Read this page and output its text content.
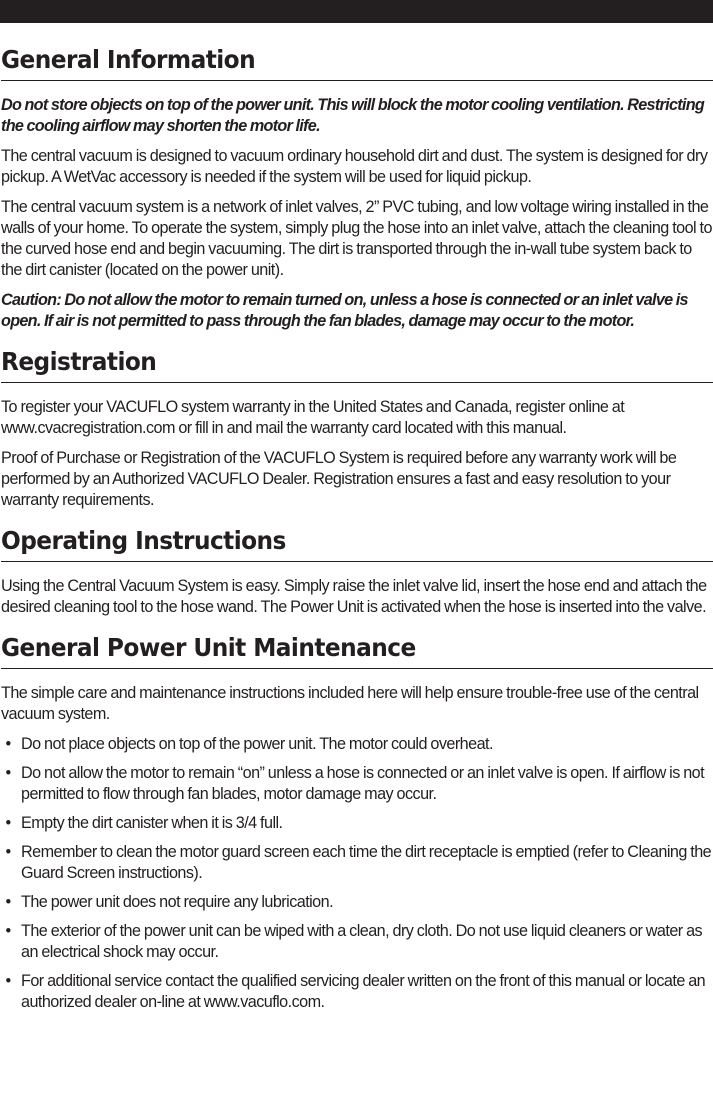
General Information

Do not store objects on top of the power unit. This will block the motor cooling ventilation. Restricting the cooling airflow may shorten the motor life.

The central vacuum is designed to vacuum ordinary household dirt and dust. The system is designed for dry pickup. A WetVac accessory is needed if the system will be used for liquid pickup.

The central vacuum system is a network of inlet valves, 2” PVC tubing, and low voltage wiring installed in the walls of your home. To operate the system, simply plug the hose into an inlet valve, attach the cleaning tool to the curved hose end and begin vacuuming. The dirt is transported through the in-wall tube system back to the dirt canister (located on the power unit).

Caution: Do not allow the motor to remain turned on, unless a hose is connected or an inlet valve is open. If air is not permitted to pass through the fan blades, damage may occur to the motor.

Registration

To register your VACUFLO system warranty in the United States and Canada, register online at www.cvacregistration.com or fill in and mail the warranty card located with this manual.

Proof of Purchase or Registration of the VACUFLO System is required before any warranty work will be performed by an Authorized VACUFLO Dealer. Registration ensures a fast and easy resolution to your warranty requirements.

Operating Instructions

Using the Central Vacuum System is easy. Simply raise the inlet valve lid, insert the hose end and attach the desired cleaning tool to the hose wand. The Power Unit is activated when the hose is inserted into the valve.

General Power Unit Maintenance

The simple care and maintenance instructions included here will help ensure trouble-free use of the central vacuum system.

• Do not place objects on top of the power unit. The motor could overheat.
• Do not allow the motor to remain “on” unless a hose is connected or an inlet valve is open. If airflow is not permitted to flow through fan blades, motor damage may occur.
• Empty the dirt canister when it is 3/4 full.
• Remember to clean the motor guard screen each time the dirt receptacle is emptied (refer to Cleaning the Guard Screen instructions).
• The power unit does not require any lubrication.
• The exterior of the power unit can be wiped with a clean, dry cloth. Do not use liquid cleaners or water as an electrical shock may occur.
• For additional service contact the qualified servicing dealer written on the front of this manual or locate an authorized dealer on-line at www.vacuflo.com.
